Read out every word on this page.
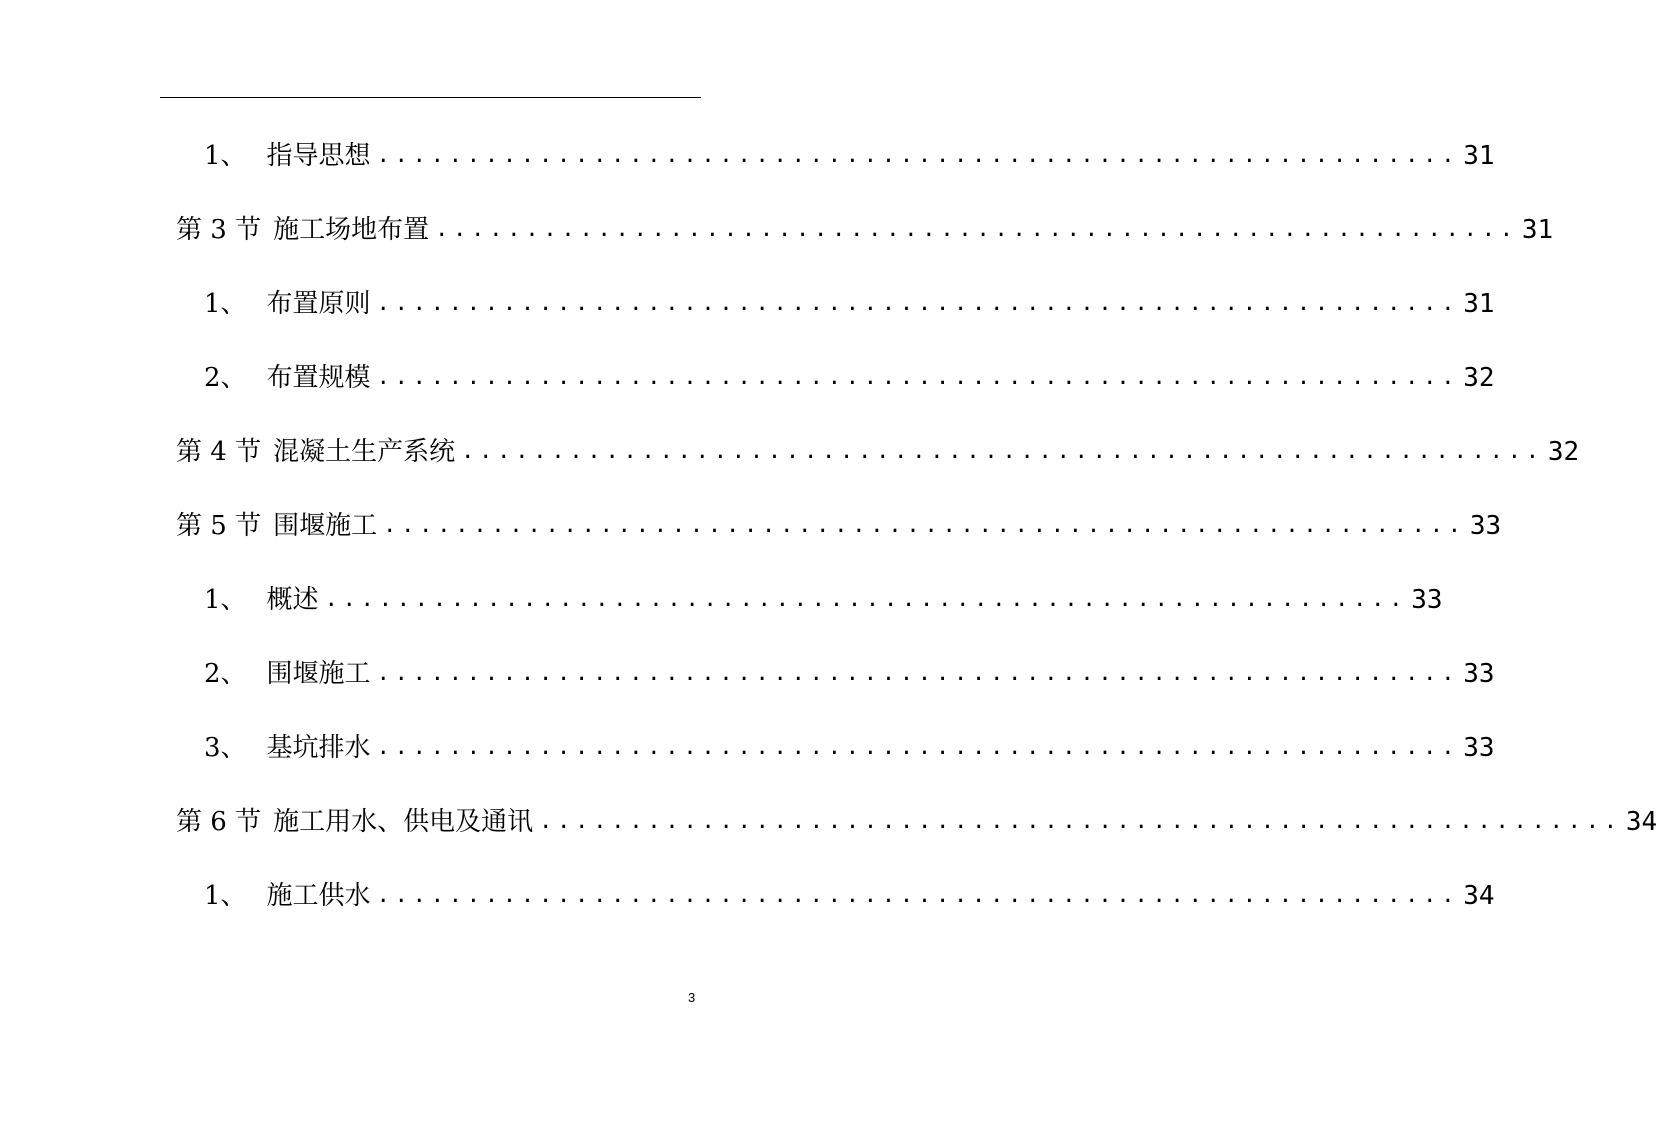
1、 指导思想 ............................................................ 31
第 3 节 施工场地布置 ............................................................ 31
1、 布置原则 ............................................................ 31
2、 布置规模 ............................................................ 32
第 4 节 混凝土生产系统 ............................................................ 32
第 5 节 围堰施工 ............................................................ 33
1、 概述 ............................................................ 33
2、 围堰施工 ............................................................ 33
3、 基坑排水 ............................................................ 33
第 6 节 施工用水、供电及通讯 ............................................................ 34
1、 施工供水 ............................................................ 34
3
